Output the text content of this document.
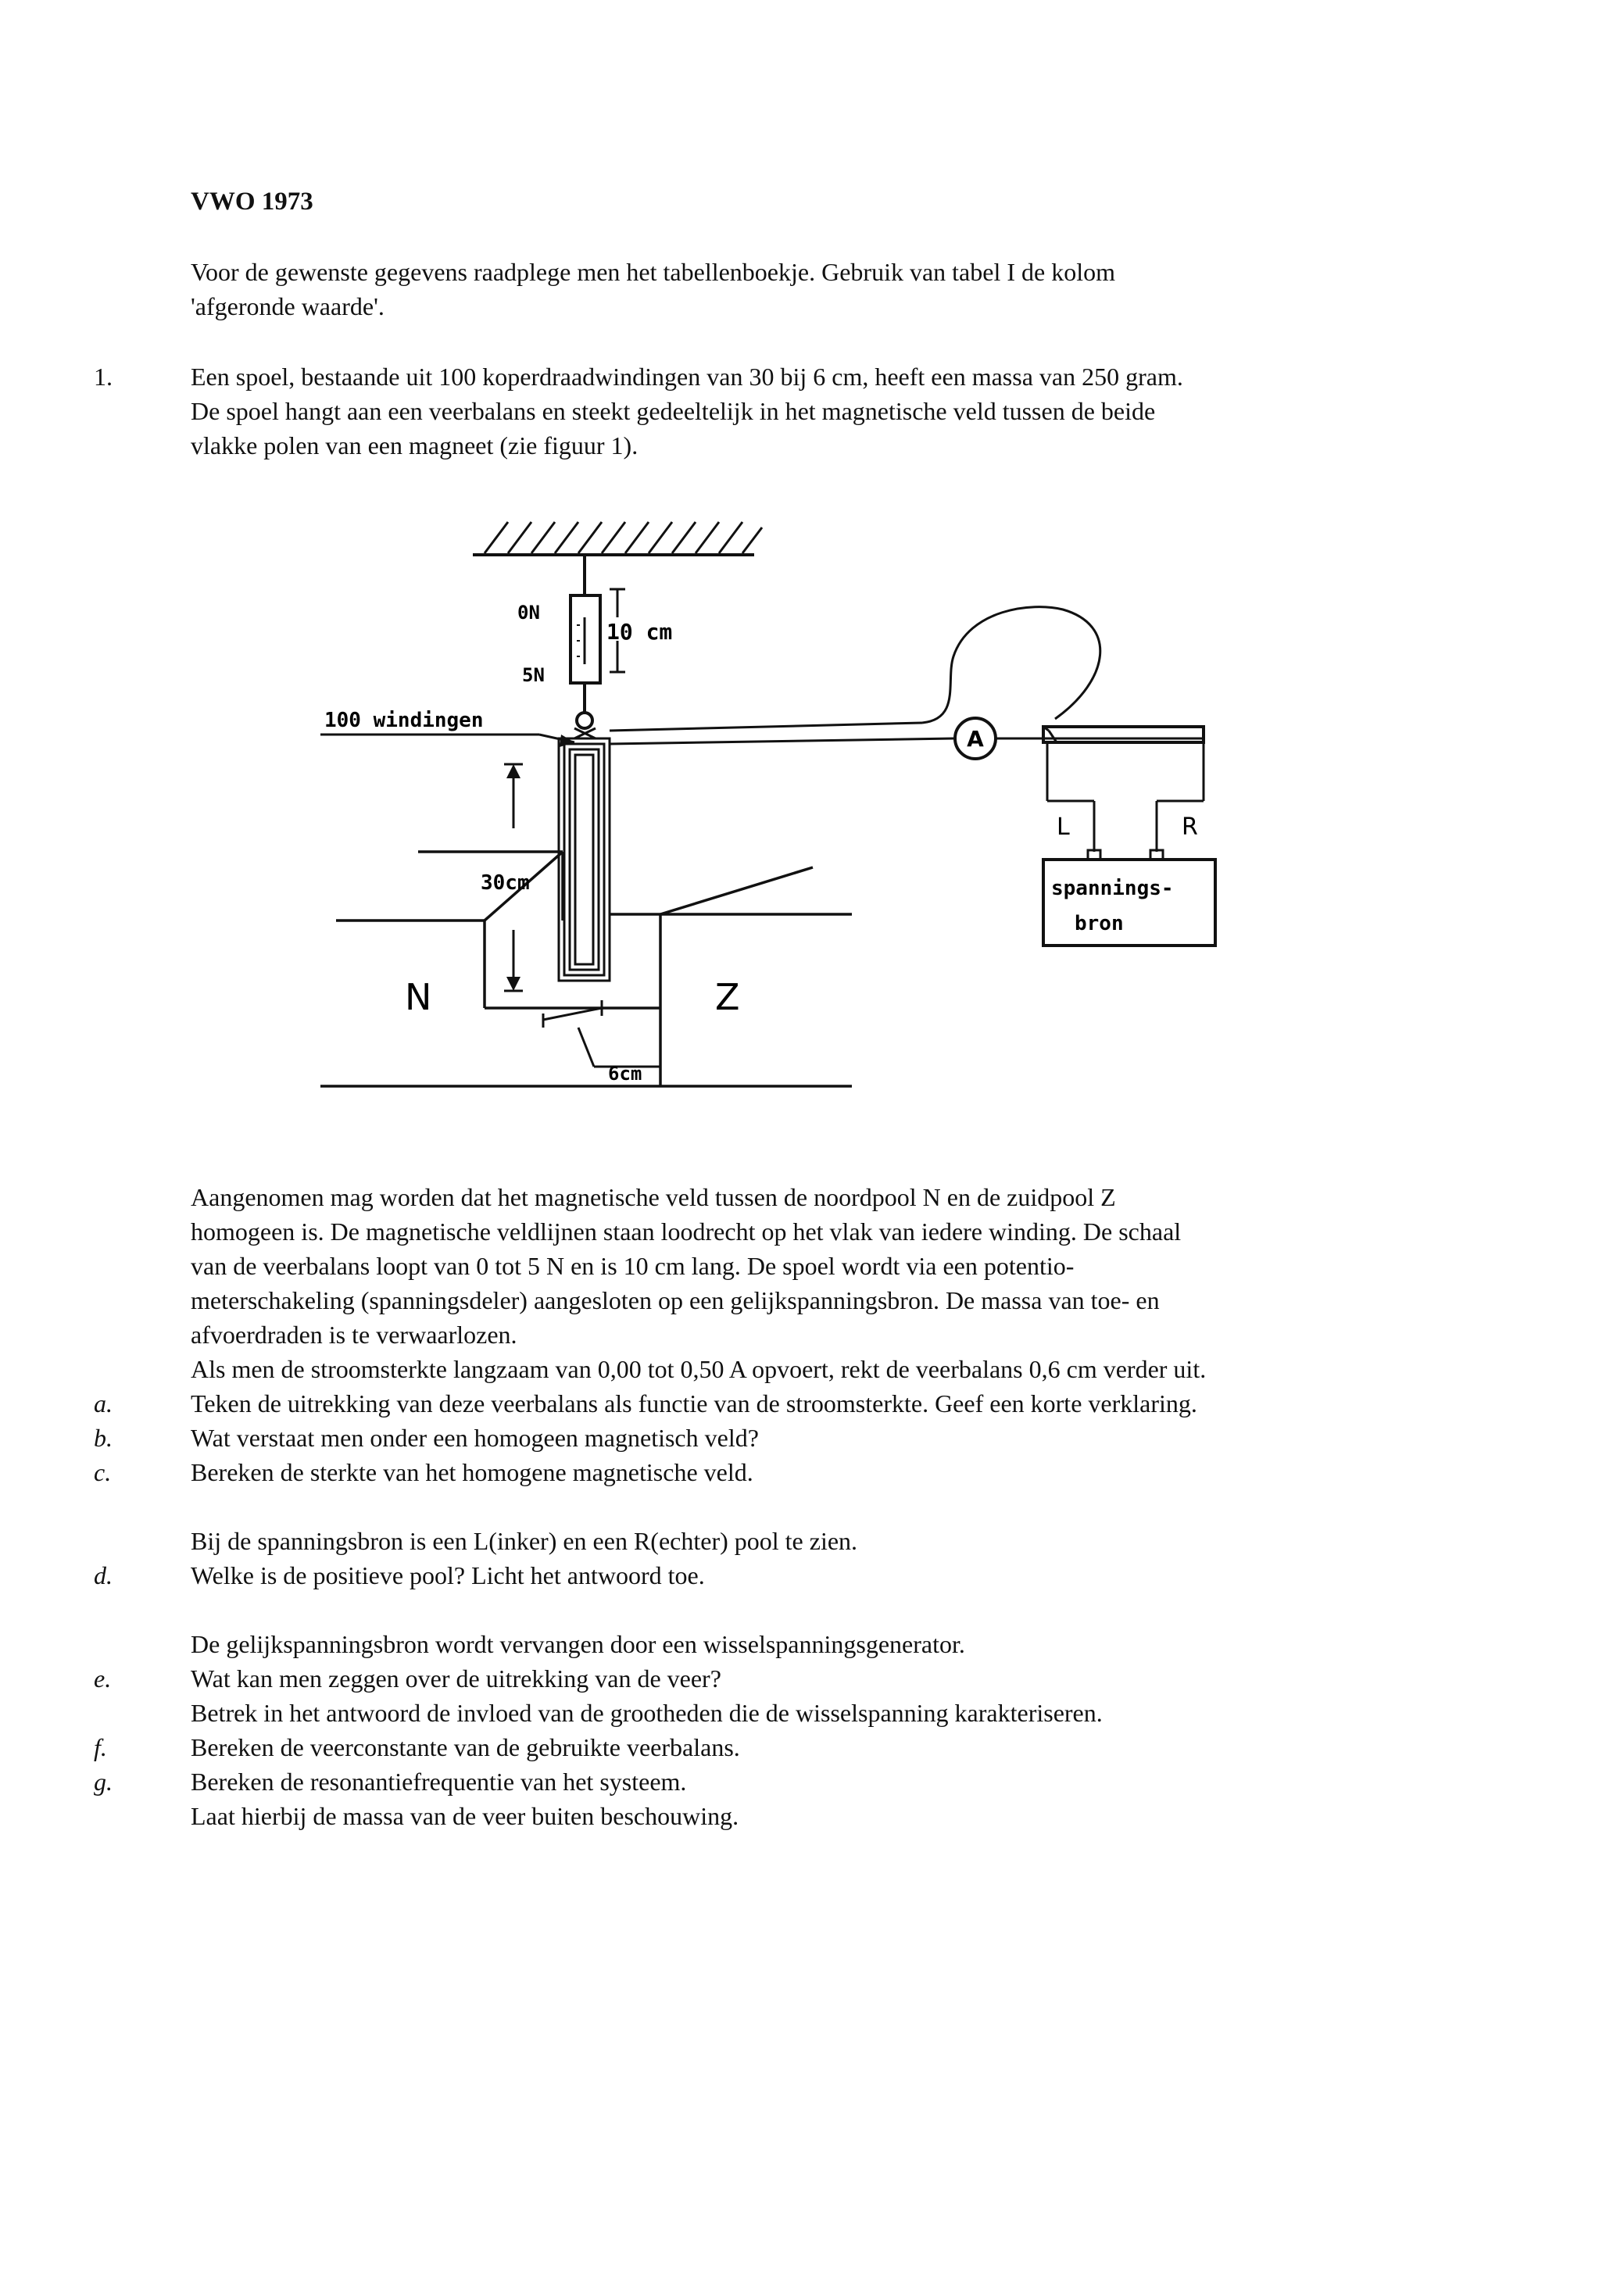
VWO 1973

Voor de gewenste gegevens raadplege men het tabellenboekje. Gebruik van tabel I de kolom

'afgeronde waarde'.

1.	Een spoel, bestaande uit 100 koperdraadwindingen van 30 bij 6 cm, heeft een massa van 250 gram.

De spoel hangt aan een veerbalans en steekt gedeeltelijk in het magnetische veld tussen de beide

vlakke polen van een magneet (zie figuur 1).

0N
5N
10 cm
100 windingen
30cm
6cm
N	Z
A
L	R
spannings-
bron

Aangenomen mag worden dat het magnetische veld tussen de noordpool N en de zuidpool Z

homogeen is. De magnetische veldlijnen staan loodrecht op het vlak van iedere winding. De schaal

van de veerbalans loopt van 0 tot 5 N en is 10 cm lang. De spoel wordt via een potentio-

meterschakeling (spanningsdeler) aangesloten op een gelijkspanningsbron. De massa van toe- en

afvoerdraden is te verwaarlozen.

Als men de stroomsterkte langzaam van 0,00 tot 0,50 A opvoert, rekt de veerbalans 0,6 cm verder uit.

a.	Teken de uitrekking van deze veerbalans als functie van de stroomsterkte. Geef een korte verklaring.

b.	Wat verstaat men onder een homogeen magnetisch veld?

c.	Bereken de sterkte van het homogene magnetische veld.

Bij de spanningsbron is een L(inker) en een R(echter) pool te zien.

d.	Welke is de positieve pool? Licht het antwoord toe.

De gelijkspanningsbron wordt vervangen door een wisselspanningsgenerator.

e.	Wat kan men zeggen over de uitrekking van de veer?

Betrek in het antwoord de invloed van de grootheden die de wisselspanning karakteriseren.

f.	Bereken de veerconstante van de gebruikte veerbalans.

g.	Bereken de resonantiefrequentie van het systeem.

Laat hierbij de massa van de veer buiten beschouwing.
